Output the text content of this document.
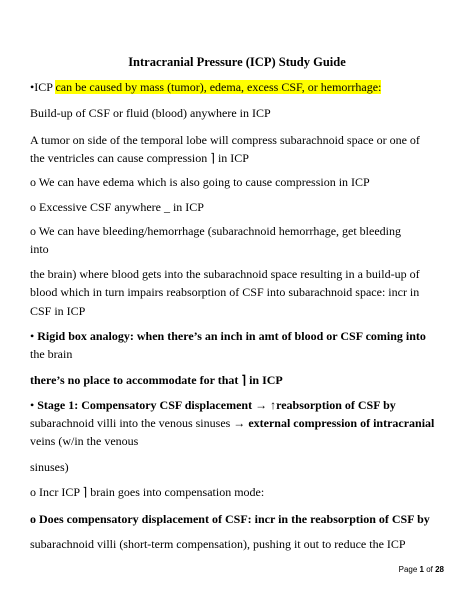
Intracranial Pressure (ICP) Study Guide
•ICP can be caused by mass (tumor), edema, excess CSF, or hemorrhage:
Build-up of CSF or fluid (blood) anywhere in ICP
A tumor on side of the temporal lobe will compress subarachnoid space or one of
the ventricles can cause compression ⌉ in ICP
o We can have edema which is also going to cause compression in ICP
o Excessive CSF anywhere _ in ICP
o We can have bleeding/hemorrhage (subarachnoid hemorrhage, get bleeding
into
the brain) where blood gets into the subarachnoid space resulting in a build-up of
blood which in turn impairs reabsorption of CSF into subarachnoid space: incr in
CSF in ICP
• Rigid box analogy: when there’s an inch in amt of blood or CSF coming into
the brain
there’s no place to accommodate for that ⌉ in ICP
• Stage 1: Compensatory CSF displacement → ↑reabsorption of CSF by
subarachnoid villi into the venous sinuses → external compression of intracranial
veins (w/in the venous
sinuses)
o Incr ICP ⌉ brain goes into compensation mode:
o Does compensatory displacement of CSF: incr in the reabsorption of CSF by
subarachnoid villi (short-term compensation), pushing it out to reduce the ICP
Page 1 of 28
